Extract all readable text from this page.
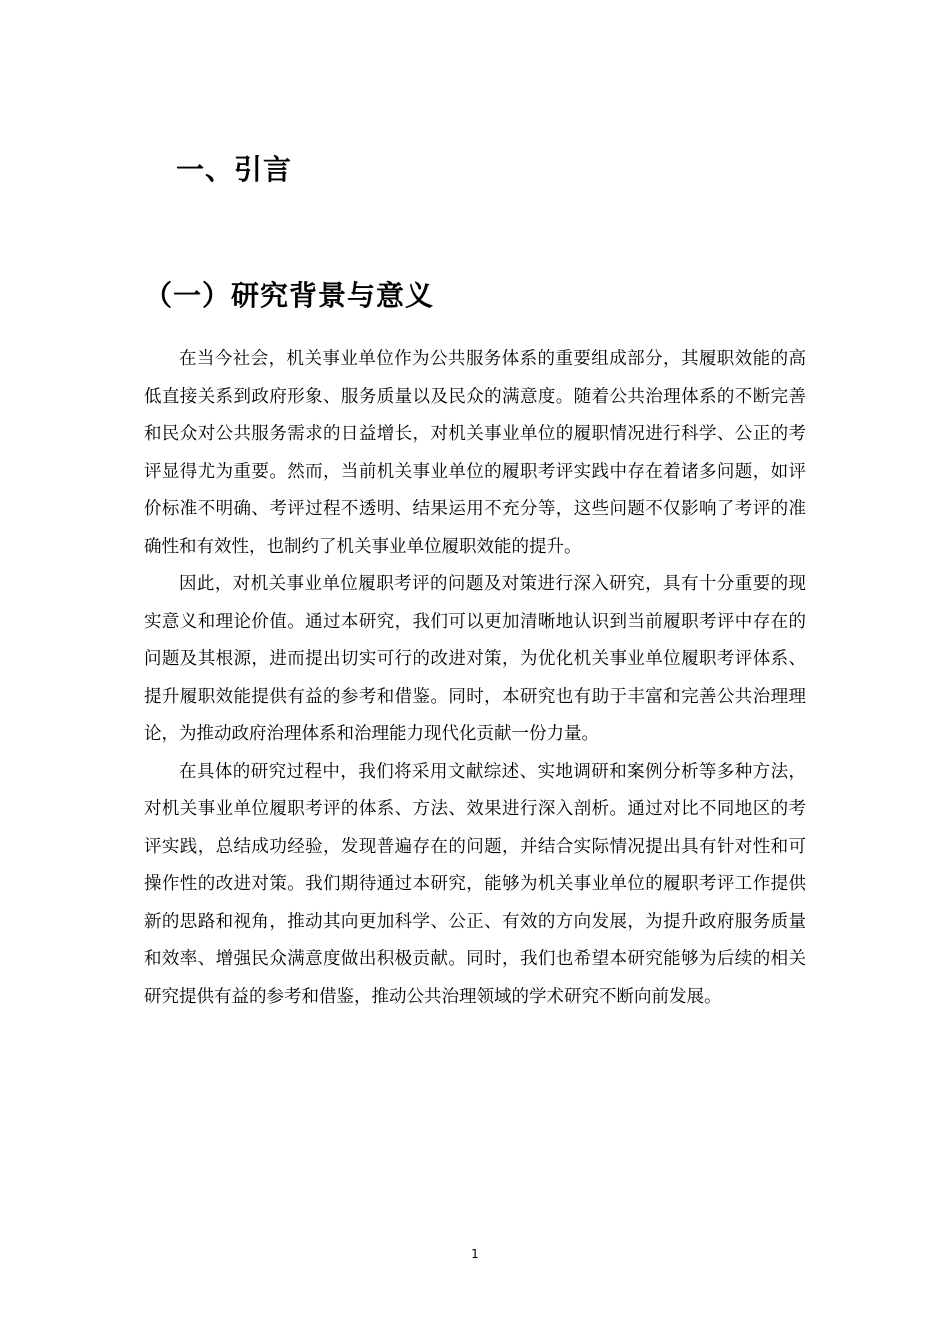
一、引言
（一）研究背景与意义

在当今社会，机关事业单位作为公共服务体系的重要组成部分，其履职效能的高低直接关系到政府形象、服务质量以及民众的满意度。随着公共治理体系的不断完善和民众对公共服务需求的日益增长，对机关事业单位的履职情况进行科学、公正的考评显得尤为重要。然而，当前机关事业单位的履职考评实践中存在着诸多问题，如评价标准不明确、考评过程不透明、结果运用不充分等，这些问题不仅影响了考评的准确性和有效性，也制约了机关事业单位履职效能的提升。

因此，对机关事业单位履职考评的问题及对策进行深入研究，具有十分重要的现实意义和理论价值。通过本研究，我们可以更加清晰地认识到当前履职考评中存在的问题及其根源，进而提出切实可行的改进对策，为优化机关事业单位履职考评体系、提升履职效能提供有益的参考和借鉴。同时，本研究也有助于丰富和完善公共治理理论，为推动政府治理体系和治理能力现代化贡献一份力量。

在具体的研究过程中，我们将采用文献综述、实地调研和案例分析等多种方法，对机关事业单位履职考评的体系、方法、效果进行深入剖析。通过对比不同地区的考评实践，总结成功经验，发现普遍存在的问题，并结合实际情况提出具有针对性和可操作性的改进对策。我们期待通过本研究，能够为机关事业单位的履职考评工作提供新的思路和视角，推动其向更加科学、公正、有效的方向发展，为提升政府服务质量和效率、增强民众满意度做出积极贡献。同时，我们也希望本研究能够为后续的相关研究提供有益的参考和借鉴，推动公共治理领域的学术研究不断向前发展。

1
